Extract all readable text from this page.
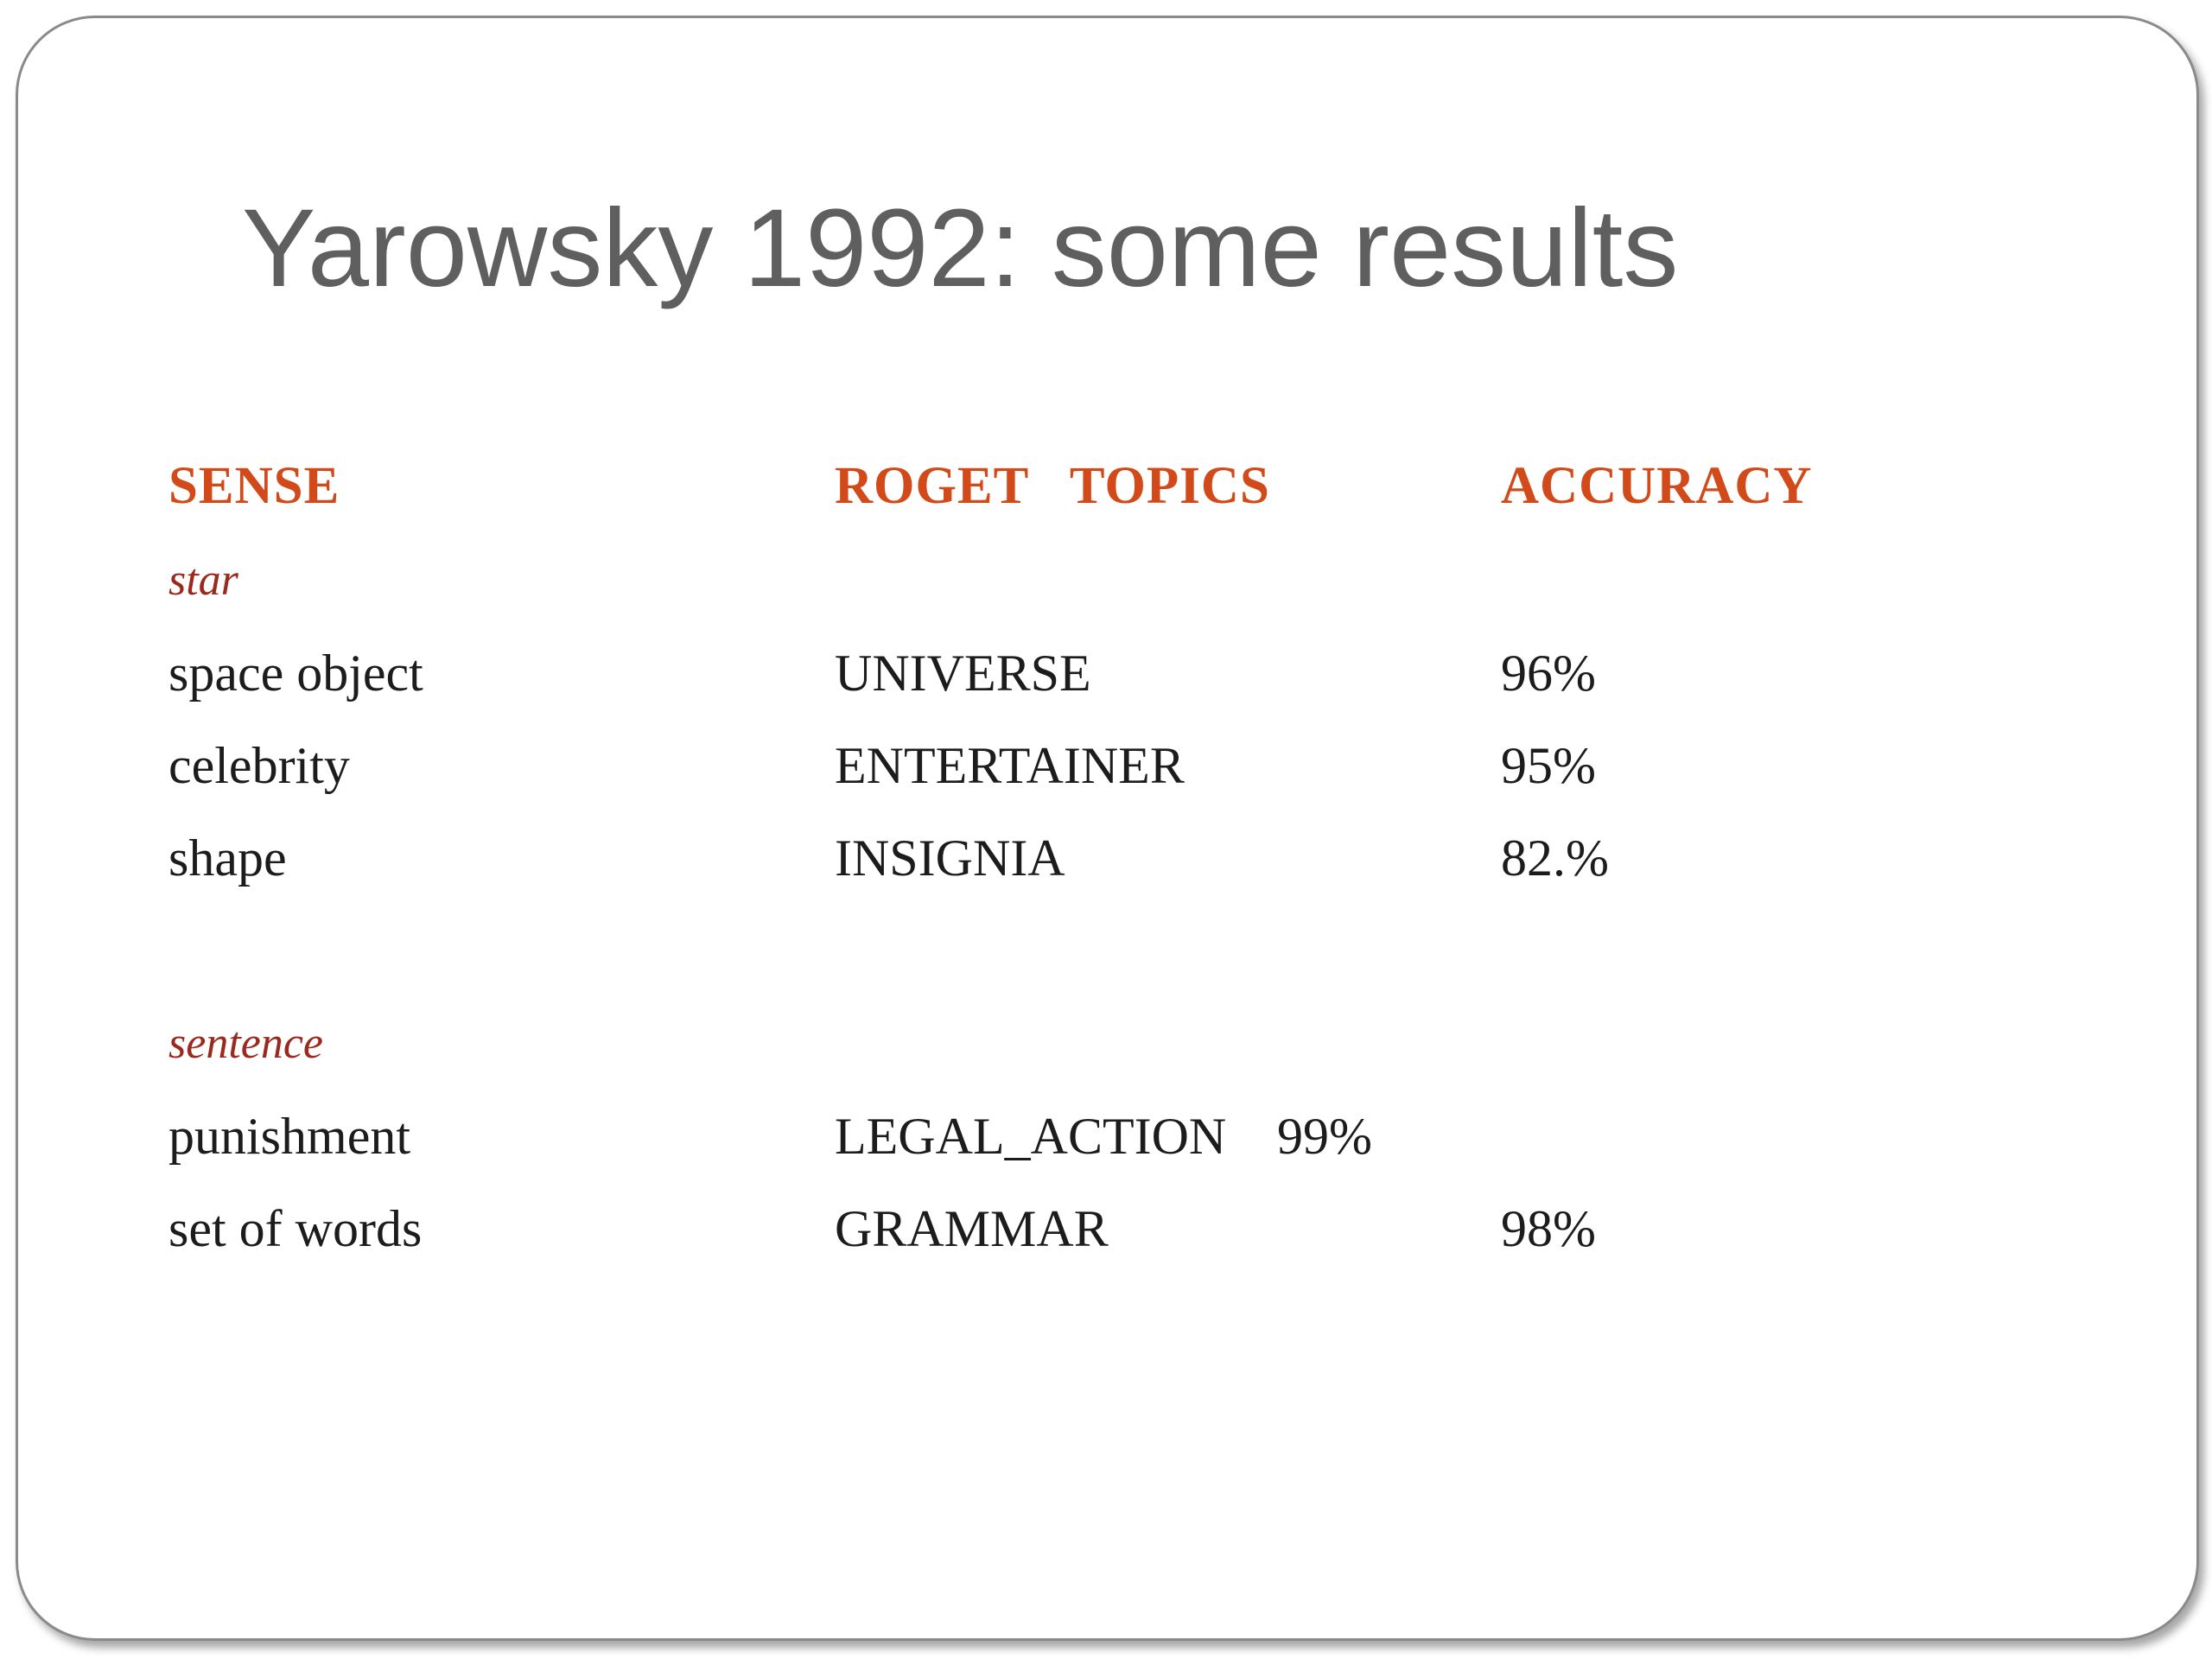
Yarowsky 1992: some results
SENSE	ROGET   TOPICS	ACCURACY
star
space object	UNIVERSE	96%
celebrity	ENTERTAINER	95%
shape	INSIGNIA	82.%
sentence
punishment	LEGAL_ACTION 99%
set of words	GRAMMAR	98%
